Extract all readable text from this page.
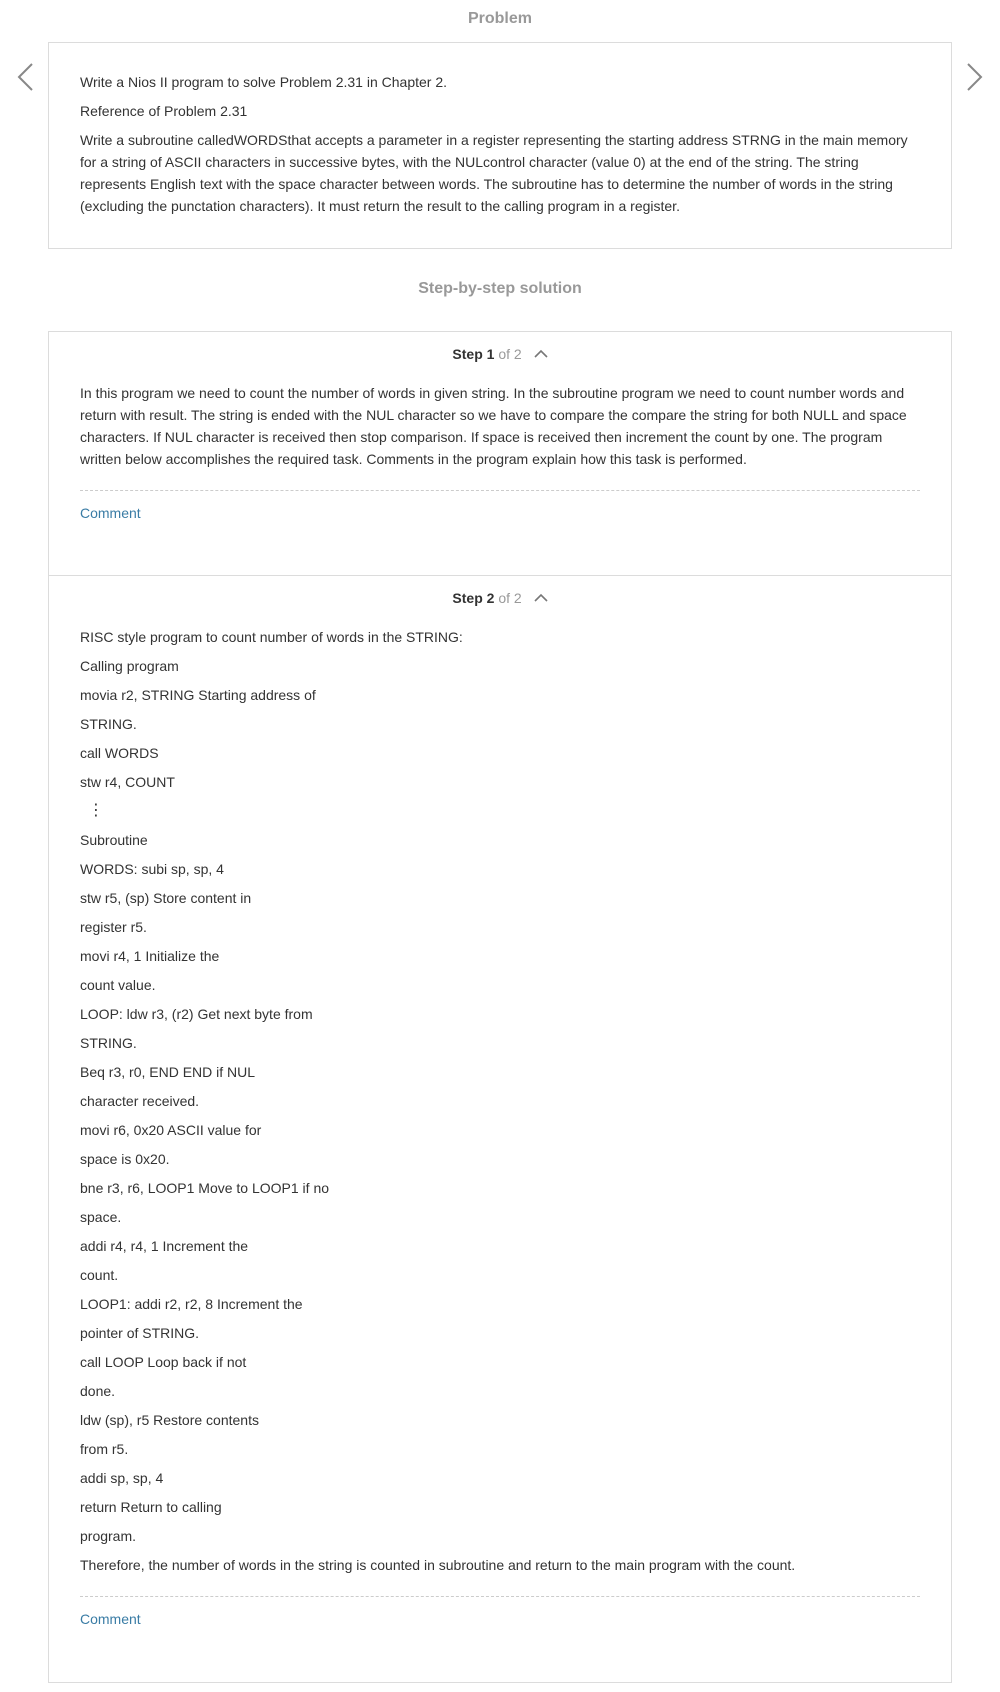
Problem

Write a Nios II program to solve Problem 2.31 in Chapter 2.

Reference of Problem 2.31

Write a subroutine calledWORDSthat accepts a parameter in a register representing the starting address STRNG in the main memory for a string of ASCII characters in successive bytes, with the NULcontrol character (value 0) at the end of the string. The string represents English text with the space character between words. The subroutine has to determine the number of words in the string (excluding the punctation characters). It must return the result to the calling program in a register.

Step-by-step solution
Step 1 of 2

In this program we need to count the number of words in given string. In the subroutine program we need to count number words and return with result. The string is ended with the NUL character so we have to compare the compare the string for both NULL and space characters. If NUL character is received then stop comparison. If space is received then increment the count by one. The program written below accomplishes the required task. Comments in the program explain how this task is performed.

Comment
Step 2 of 2
RISC style program to count number of words in the STRING:
Calling program
movia r2, STRING Starting address of
STRING.
call WORDS
stw r4, COUNT
⋮
Subroutine
WORDS: subi sp, sp, 4
stw r5, (sp) Store content in
register r5.
movi r4, 1 Initialize the
count value.
LOOP: ldw r3, (r2) Get next byte from
STRING.
Beq r3, r0, END END if NUL
character received.
movi r6, 0x20 ASCII value for
space is 0x20.
bne r3, r6, LOOP1 Move to LOOP1 if no
space.
addi r4, r4, 1 Increment the
count.
LOOP1: addi r2, r2, 8 Increment the
pointer of STRING.
call LOOP Loop back if not
done.
ldw (sp), r5 Restore contents
from r5.
addi sp, sp, 4
return Return to calling
program.
Therefore, the number of words in the string is counted in subroutine and return to the main program with the count.
Comment
